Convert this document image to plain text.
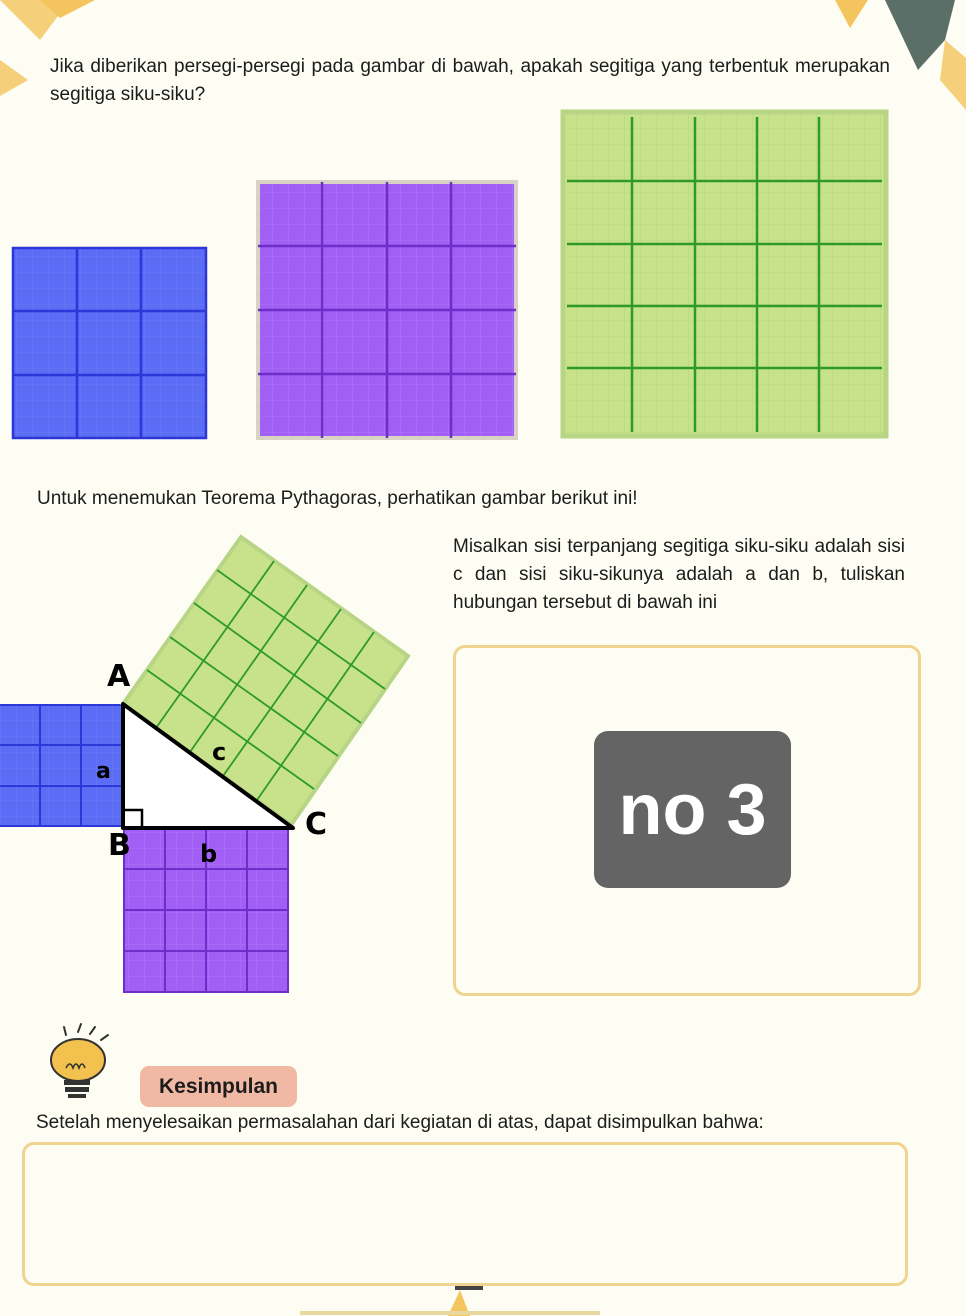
A
B
C
a
b
c
Jika diberikan persegi-persegi pada gambar di bawah, apakah segitiga yang terbentuk merupakan segitiga siku-siku?
Untuk menemukan Teorema Pythagoras, perhatikan gambar berikut ini!
Misalkan sisi terpanjang segitiga siku-siku adalah sisi c dan sisi siku-sikunya adalah a dan b, tuliskan hubungan tersebut di bawah ini
no 3
Kesimpulan
Setelah menyelesaikan permasalahan dari kegiatan di atas, dapat disimpulkan bahwa:
